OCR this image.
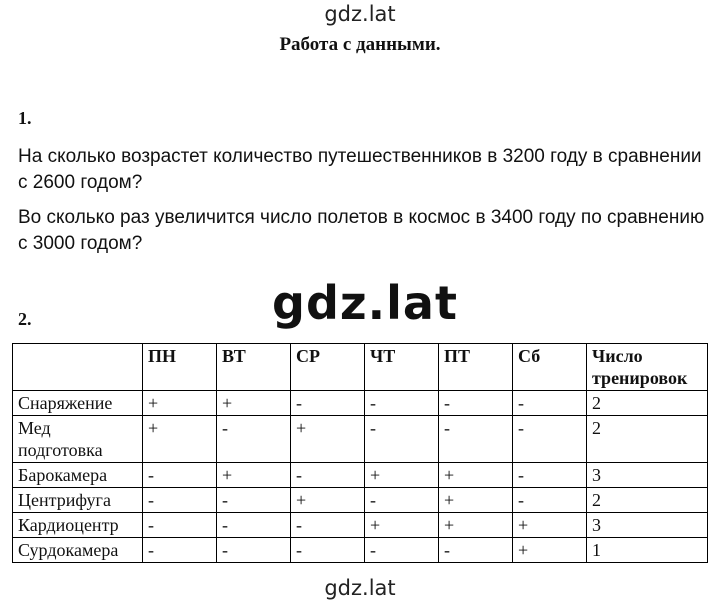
gdz.lat
Работа с данными.
1.
На сколько возрастет количество путешественников в 3200 году в сравнении с 2600 годом?
Во сколько раз увеличится число полетов в космос в 3400 году по сравнению с 3000 годом?
gdz.lat
2.
	ПН	ВТ	СР	ЧТ	ПТ	Сб	Число тренировок
Снаряжение	+	+	-	-	-	-	2
Мед подготовка	+	-	+	-	-	-	2
Барокамера	-	+	-	+	+	-	3
Центрифуга	-	-	+	-	+	-	2
Кардиоцентр	-	-	-	+	+	+	3
Сурдокамера	-	-	-	-	-	+	1
gdz.lat
